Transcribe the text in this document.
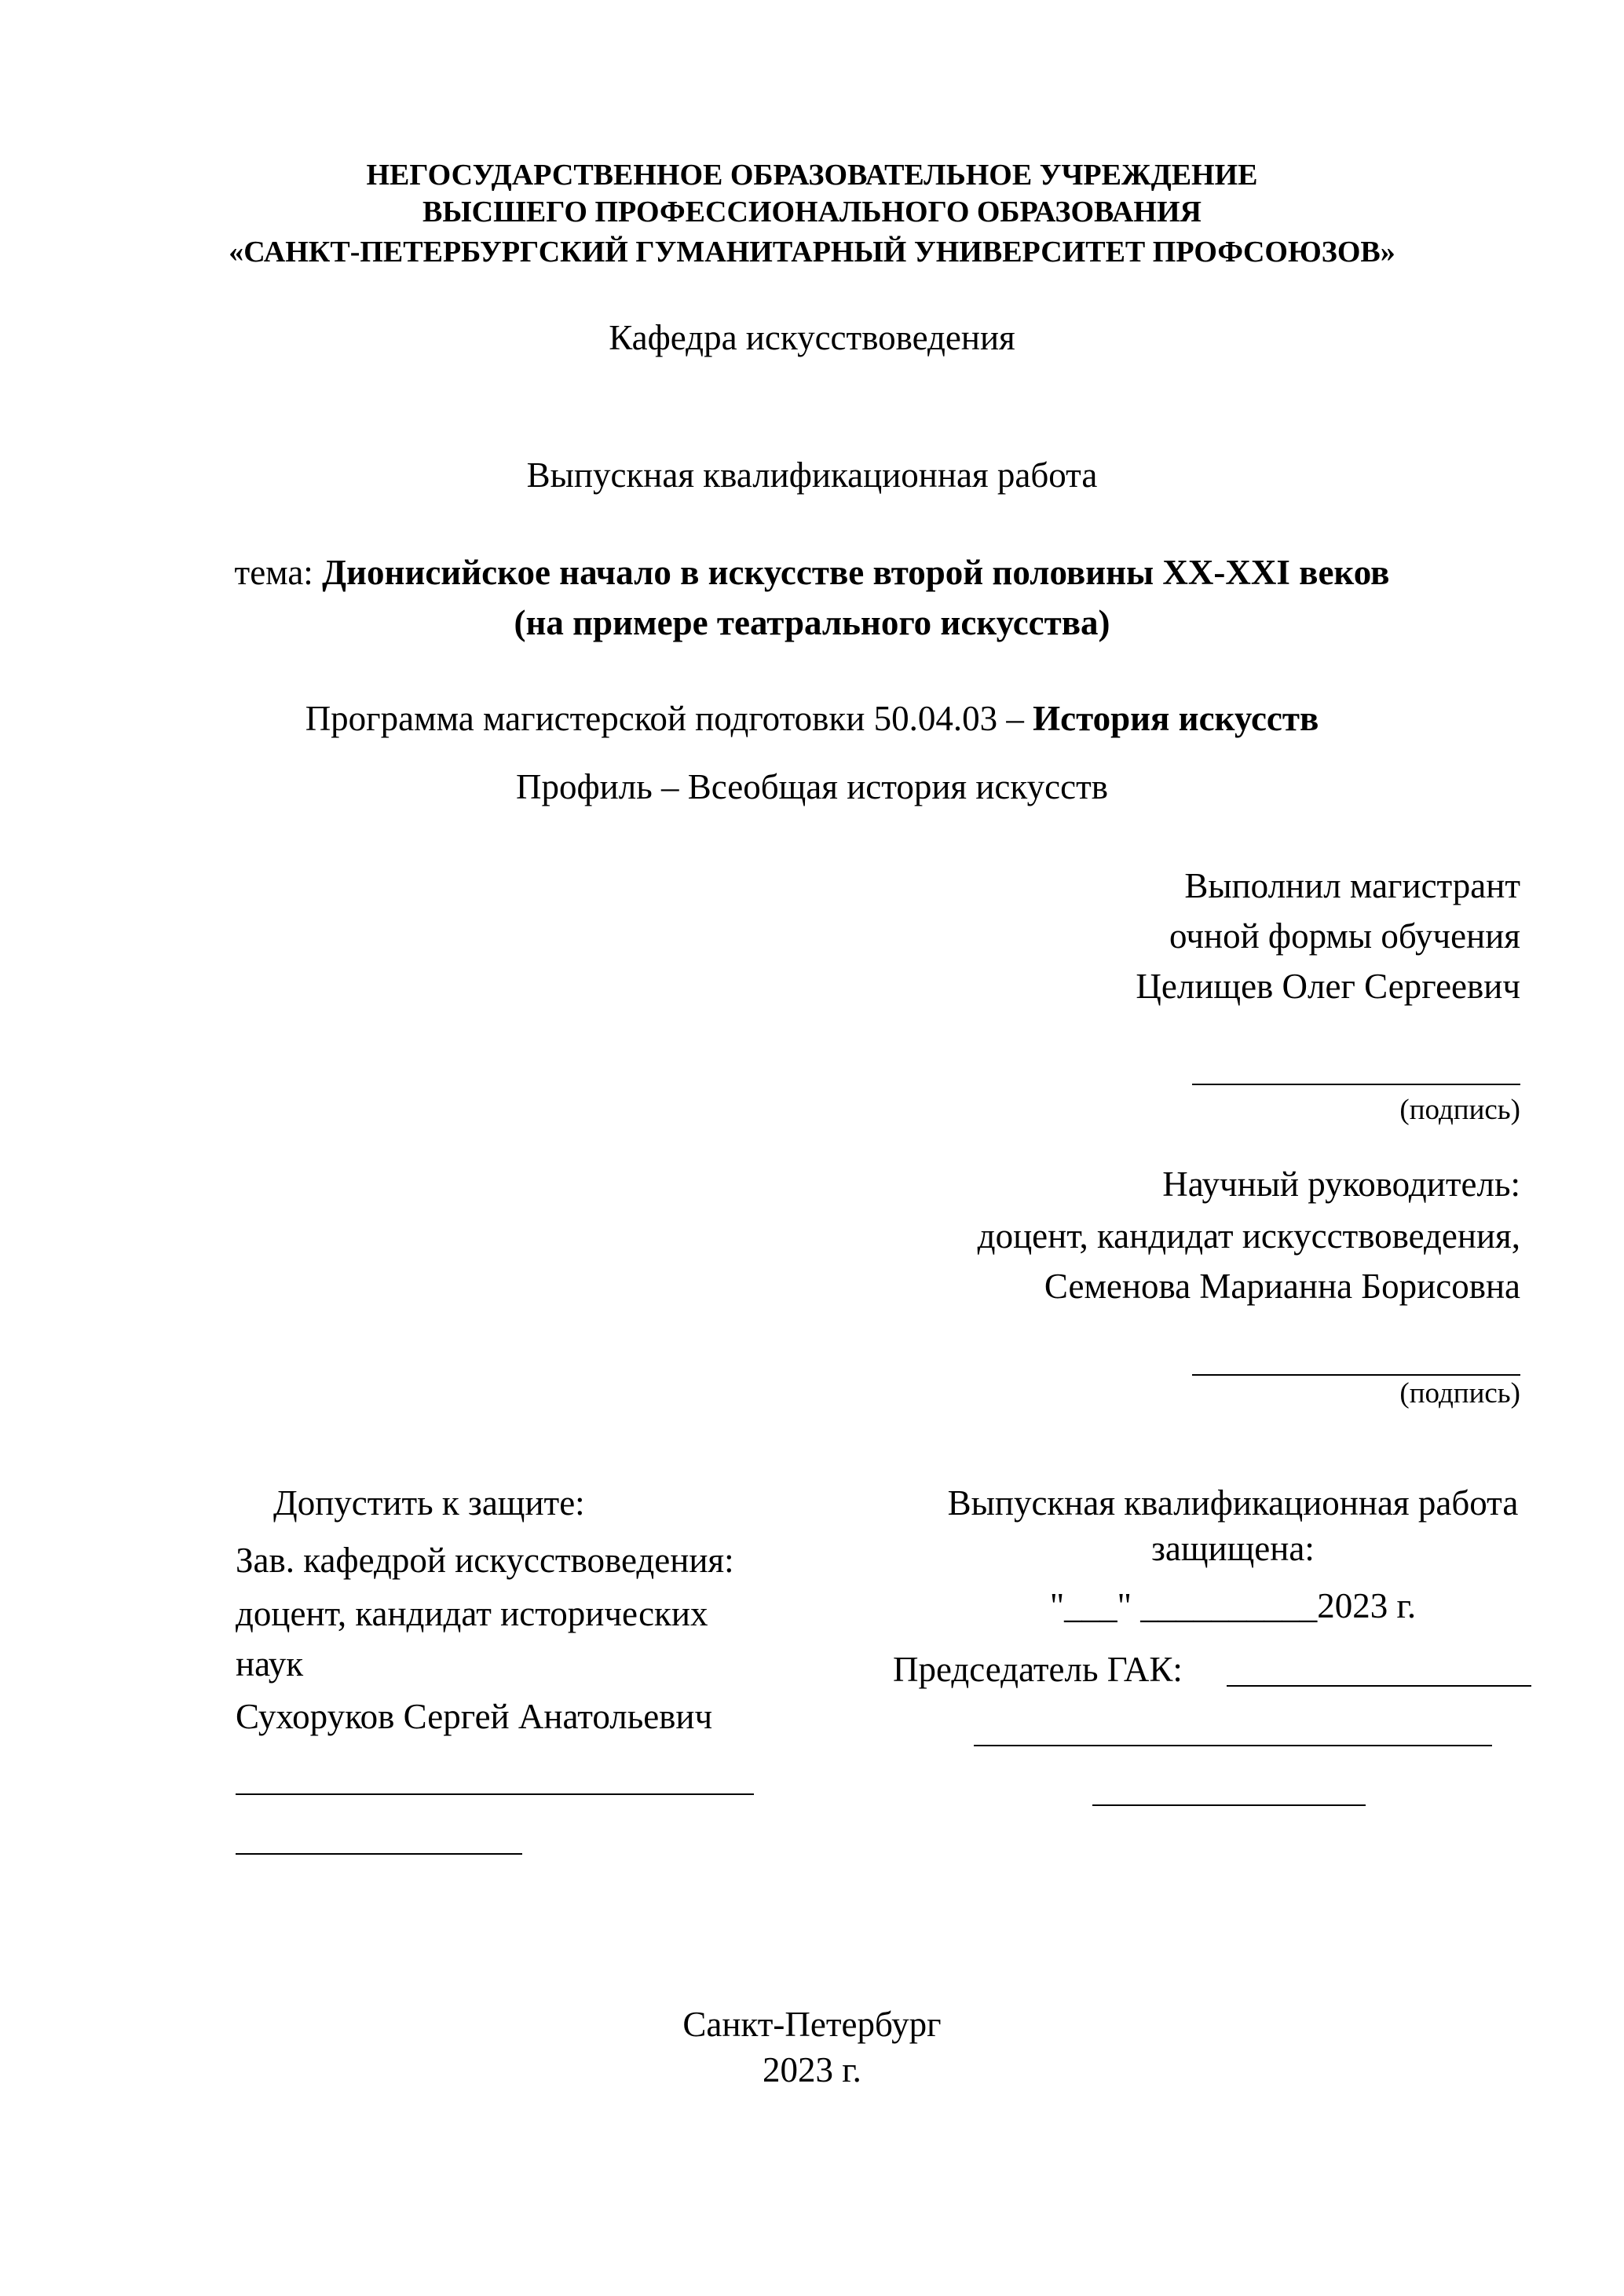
НЕГОСУДАРСТВЕННОЕ ОБРАЗОВАТЕЛЬНОЕ УЧРЕЖДЕНИЕ
ВЫСШЕГО ПРОФЕССИОНАЛЬНОГО ОБРАЗОВАНИЯ
«САНКТ-ПЕТЕРБУРГСКИЙ ГУМАНИТАРНЫЙ УНИВЕРСИТЕТ ПРОФСОЮЗОВ»
Кафедра искусствоведения
Выпускная квалификационная работа
тема: Дионисийское начало в искусстве второй половины XX-XXI веков
(на примере театрального искусства)
Программа магистерской подготовки 50.04.03 – История искусств
Профиль – Всеобщая история искусств
Выполнил магистрант
очной формы обучения
Целищев Олег Сергеевич
(подпись)
Научный руководитель:
доцент, кандидат искусствоведения,
Семенова Марианна Борисовна
(подпись)
Допустить к защите:
Зав. кафедрой искусствоведения:
доцент, кандидат исторических
наук
Сухоруков Сергей Анатольевич
Выпускная квалификационная работа
защищена:
"___" __________2023 г.
Председатель ГАК:
Санкт-Петербург
2023 г.
